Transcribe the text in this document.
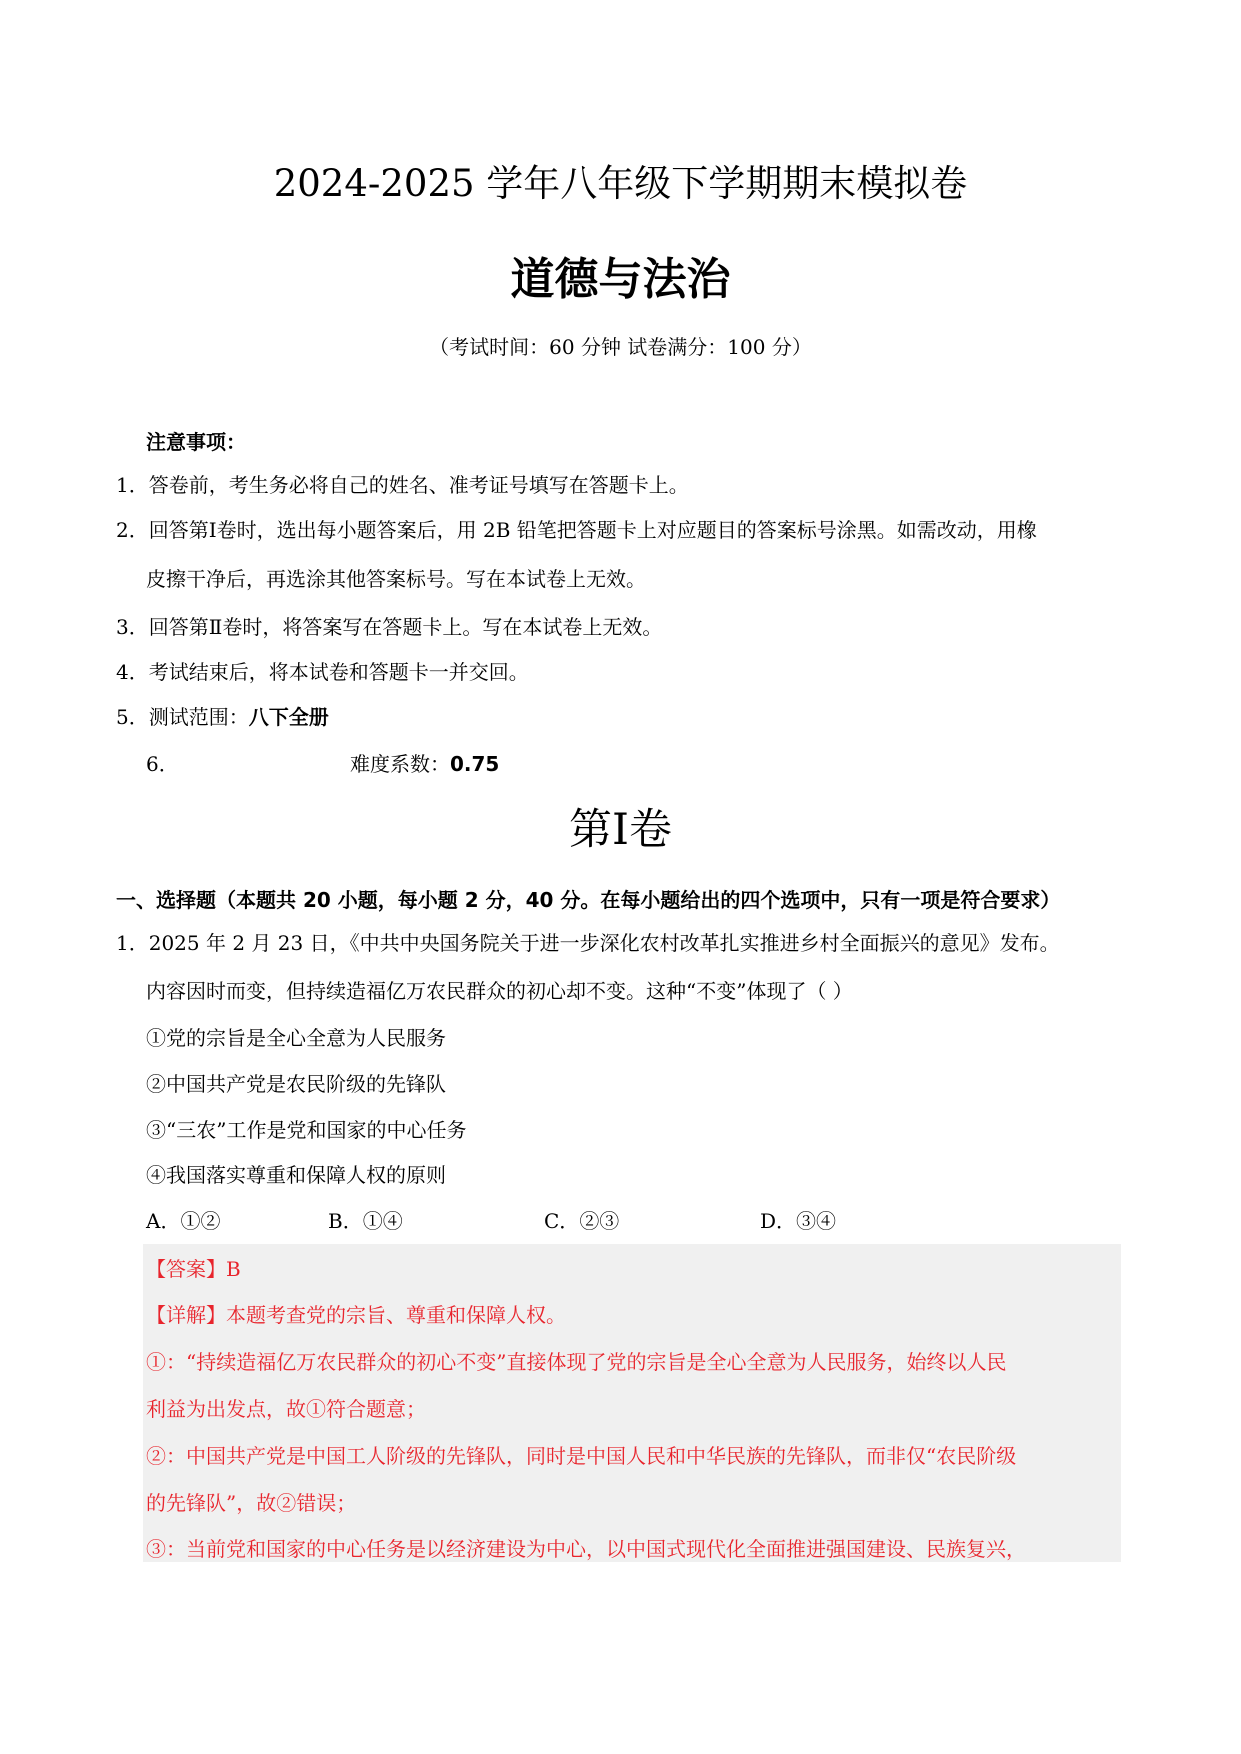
2024-2025 学年八年级下学期期末模拟卷
道德与法治
（考试时间：60 分钟 试卷满分：100 分）
注意事项：
1．答卷前，考生务必将自己的姓名、准考证号填写在答题卡上。
2．回答第Ⅰ卷时，选出每小题答案后，用 2B 铅笔把答题卡上对应题目的答案标号涂黑。如需改动，用橡
皮擦干净后，再选涂其他答案标号。写在本试卷上无效。
3．回答第Ⅱ卷时，将答案写在答题卡上。写在本试卷上无效。
4．考试结束后，将本试卷和答题卡一并交回。
5．测试范围：八下全册
6．	难度系数：0.75
第Ⅰ卷
一、选择题（本题共 20 小题，每小题 2 分，40 分。在每小题给出的四个选项中，只有一项是符合要求）
1．2025 年 2 月 23 日，《中共中央国务院关于进一步深化农村改革扎实推进乡村全面振兴的意见》发布。
内容因时而变，但持续造福亿万农民群众的初心却不变。这种“不变”体现了（ ）
①党的宗旨是全心全意为人民服务
②中国共产党是农民阶级的先锋队
③“三农”工作是党和国家的中心任务
④我国落实尊重和保障人权的原则
A．①②	B．①④	C．②③	D．③④
【答案】B
【详解】本题考查党的宗旨、尊重和保障人权。
①：“持续造福亿万农民群众的初心不变”直接体现了党的宗旨是全心全意为人民服务，始终以人民
利益为出发点，故①符合题意；
②：中国共产党是中国工人阶级的先锋队，同时是中国人民和中华民族的先锋队，而非仅“农民阶级
的先锋队”，故②错误；
③：当前党和国家的中心任务是以经济建设为中心，以中国式现代化全面推进强国建设、民族复兴，
